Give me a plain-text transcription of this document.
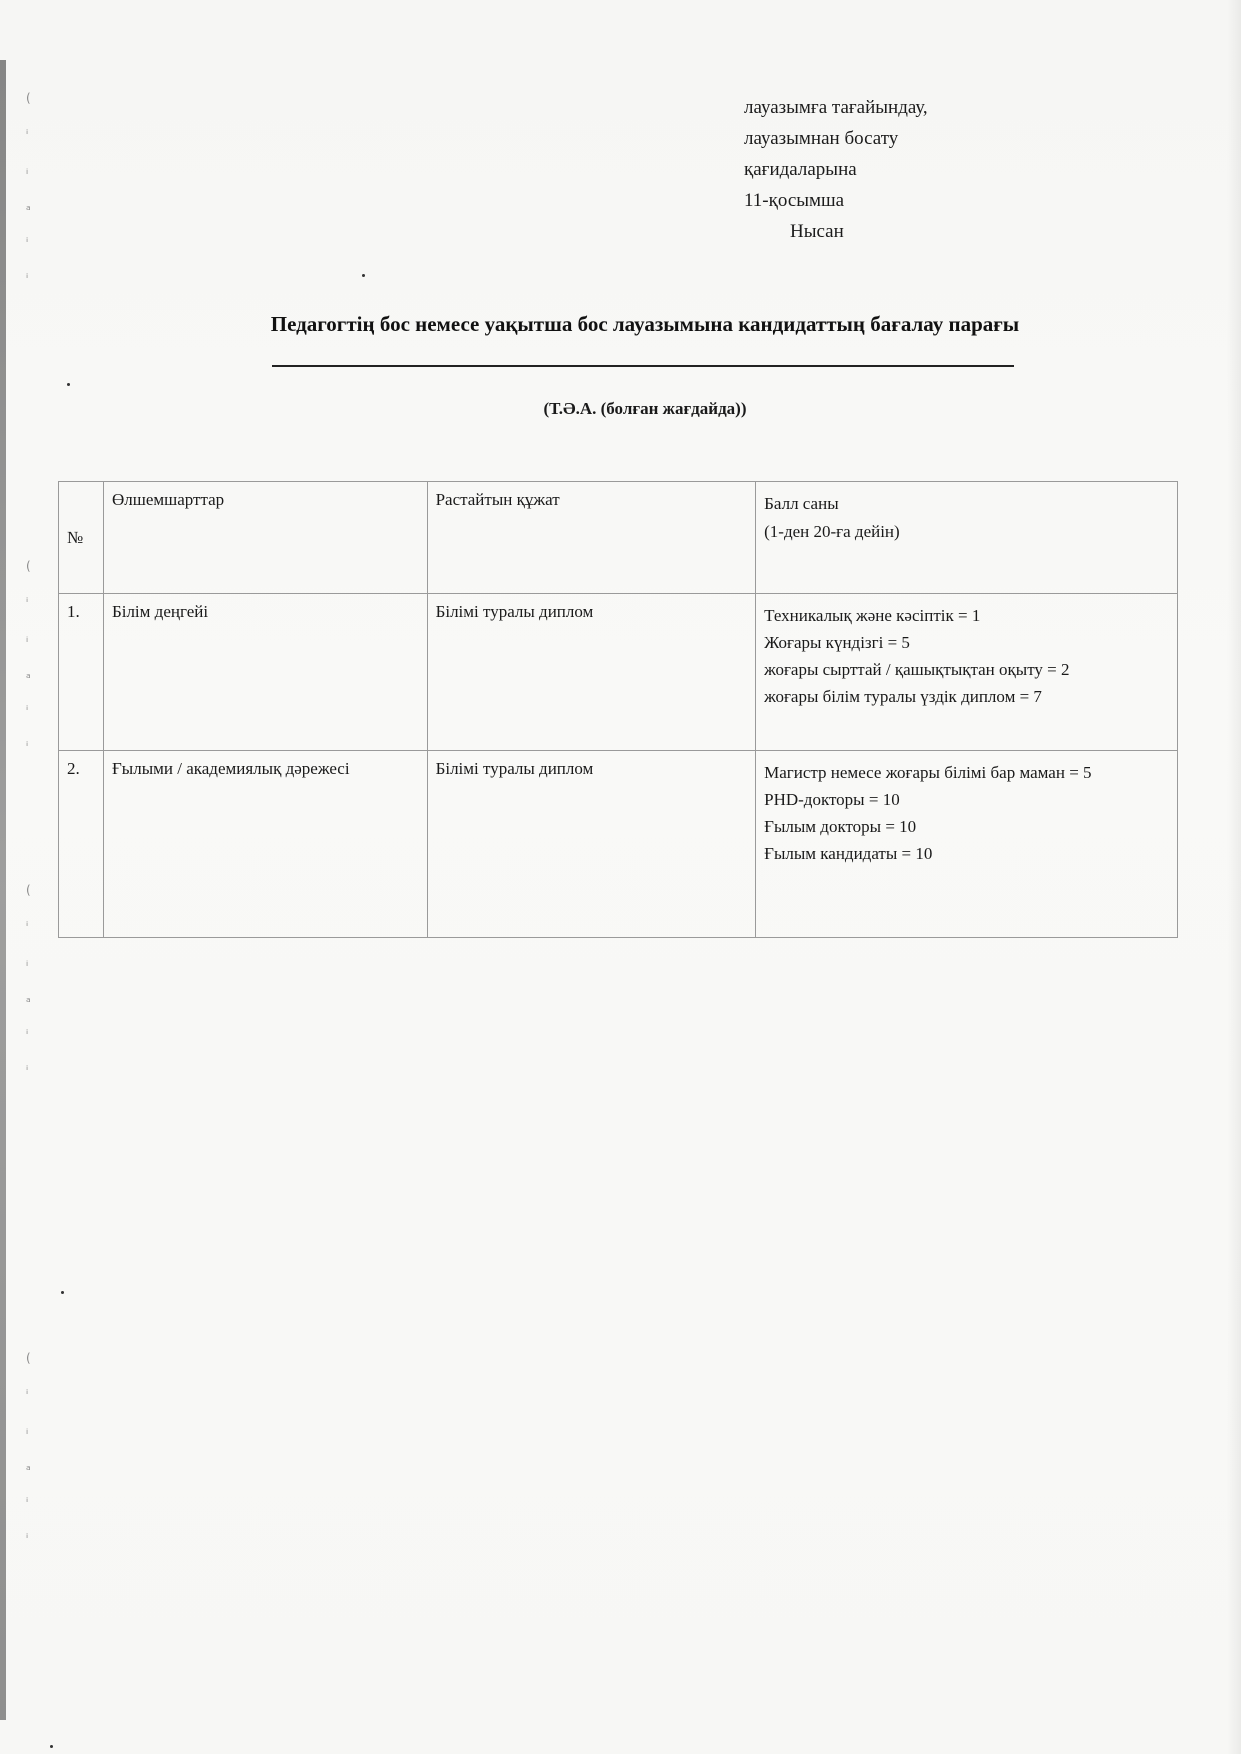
(
ⁱ
ᵢ
ₐ
ⁱ
ⁱ

(
ⁱ
ᵢ
ₐ
ⁱ
ⁱ

(
ⁱ
ᵢ
ₐ
ⁱ
ⁱ

(
ⁱ
ᵢ
ₐ
ⁱ
ⁱ
лауазымға тағайындау,
лауазымнан босату
қағидаларына
11-қосымша
Нысан
Педагогтің бос немесе уақытша бос лауазымына кандидаттың бағалау парағы
(Т.Ә.А. (болған жағдайда))
№	Өлшемшарттар	Растайтын құжат	Балл саны
(1-ден 20-ға дейін)

1.	Білім деңгейі	Білімі туралы диплом	Техникалық және кәсіптік = 1
Жоғары күндізгі = 5
жоғары сырттай / қашықтықтан оқыту = 2
жоғары білім туралы үздік диплом = 7

2.	Ғылыми / академиялық дәрежесі	Білімі туралы диплом	Магистр немесе жоғары білімі бар маман = 5
PHD-докторы = 10
Ғылым докторы = 10
Ғылым кандидаты = 10
